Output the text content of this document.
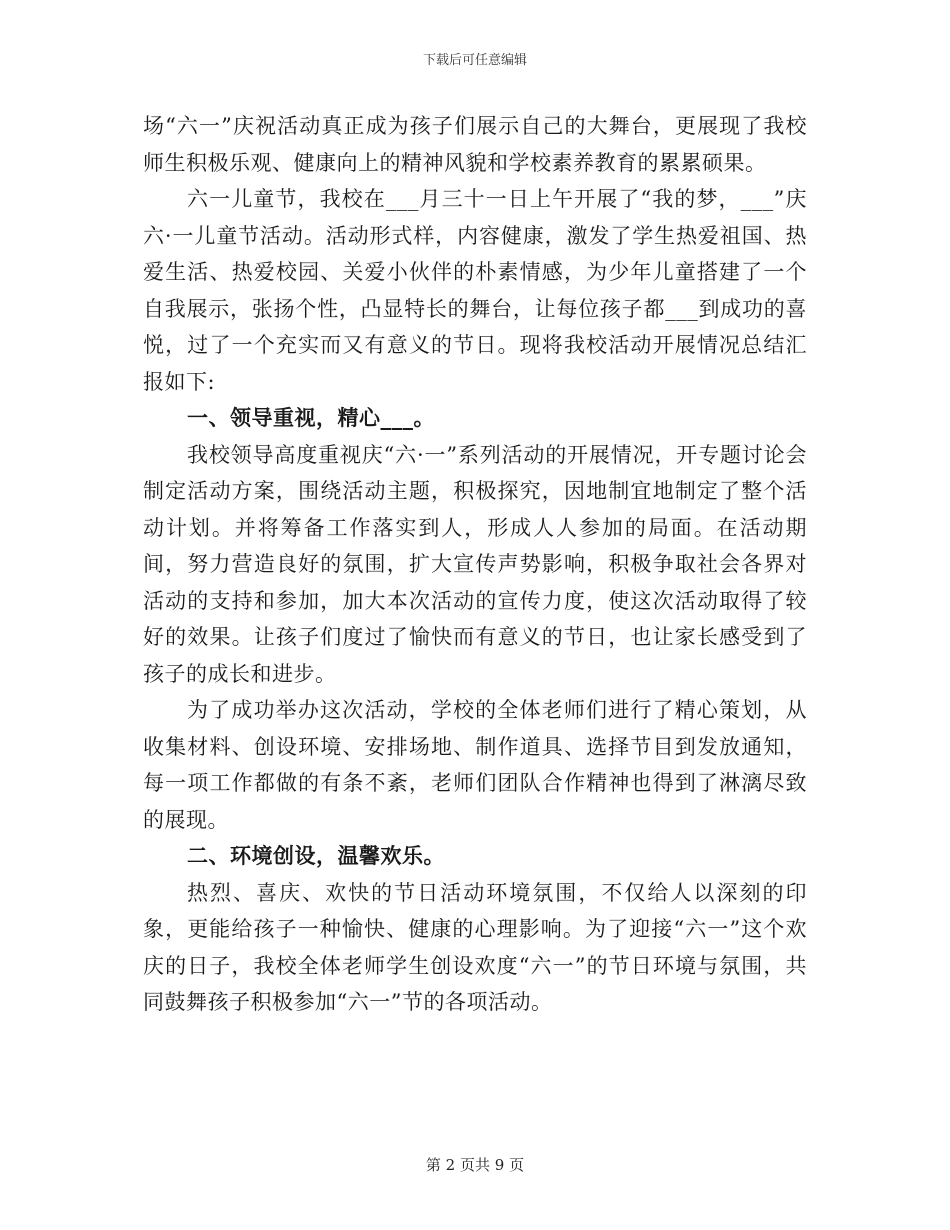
下载后可任意编辑

场“六一”庆祝活动真正成为孩子们展示自己的大舞台，更展现了我校师生积极乐观、健康向上的精神风貌和学校素养教育的累累硕果。

六一儿童节，我校在___月三十一日上午开展了“我的梦，___”庆六·一儿童节活动。活动形式样，内容健康，激发了学生热爱祖国、热爱生活、热爱校园、关爱小伙伴的朴素情感，为少年儿童搭建了一个自我展示，张扬个性，凸显特长的舞台，让每位孩子都___到成功的喜悦，过了一个充实而又有意义的节日。现将我校活动开展情况总结汇报如下:

一、领导重视，精心___。

我校领导高度重视庆“六·一”系列活动的开展情况，开专题讨论会制定活动方案，围绕活动主题，积极探究，因地制宜地制定了整个活动计划。并将筹备工作落实到人，形成人人参加的局面。在活动期间，努力营造良好的氛围，扩大宣传声势影响，积极争取社会各界对活动的支持和参加，加大本次活动的宣传力度，使这次活动取得了较好的效果。让孩子们度过了愉快而有意义的节日，也让家长感受到了孩子的成长和进步。

为了成功举办这次活动，学校的全体老师们进行了精心策划，从收集材料、创设环境、安排场地、制作道具、选择节目到发放通知，每一项工作都做的有条不紊，老师们团队合作精神也得到了淋漓尽致的展现。

二、环境创设，温馨欢乐。

热烈、喜庆、欢快的节日活动环境氛围，不仅给人以深刻的印象，更能给孩子一种愉快、健康的心理影响。为了迎接“六一”这个欢庆的日子，我校全体老师学生创设欢度“六一”的节日环境与氛围，共同鼓舞孩子积极参加“六一”节的各项活动。

第 2 页共 9 页
